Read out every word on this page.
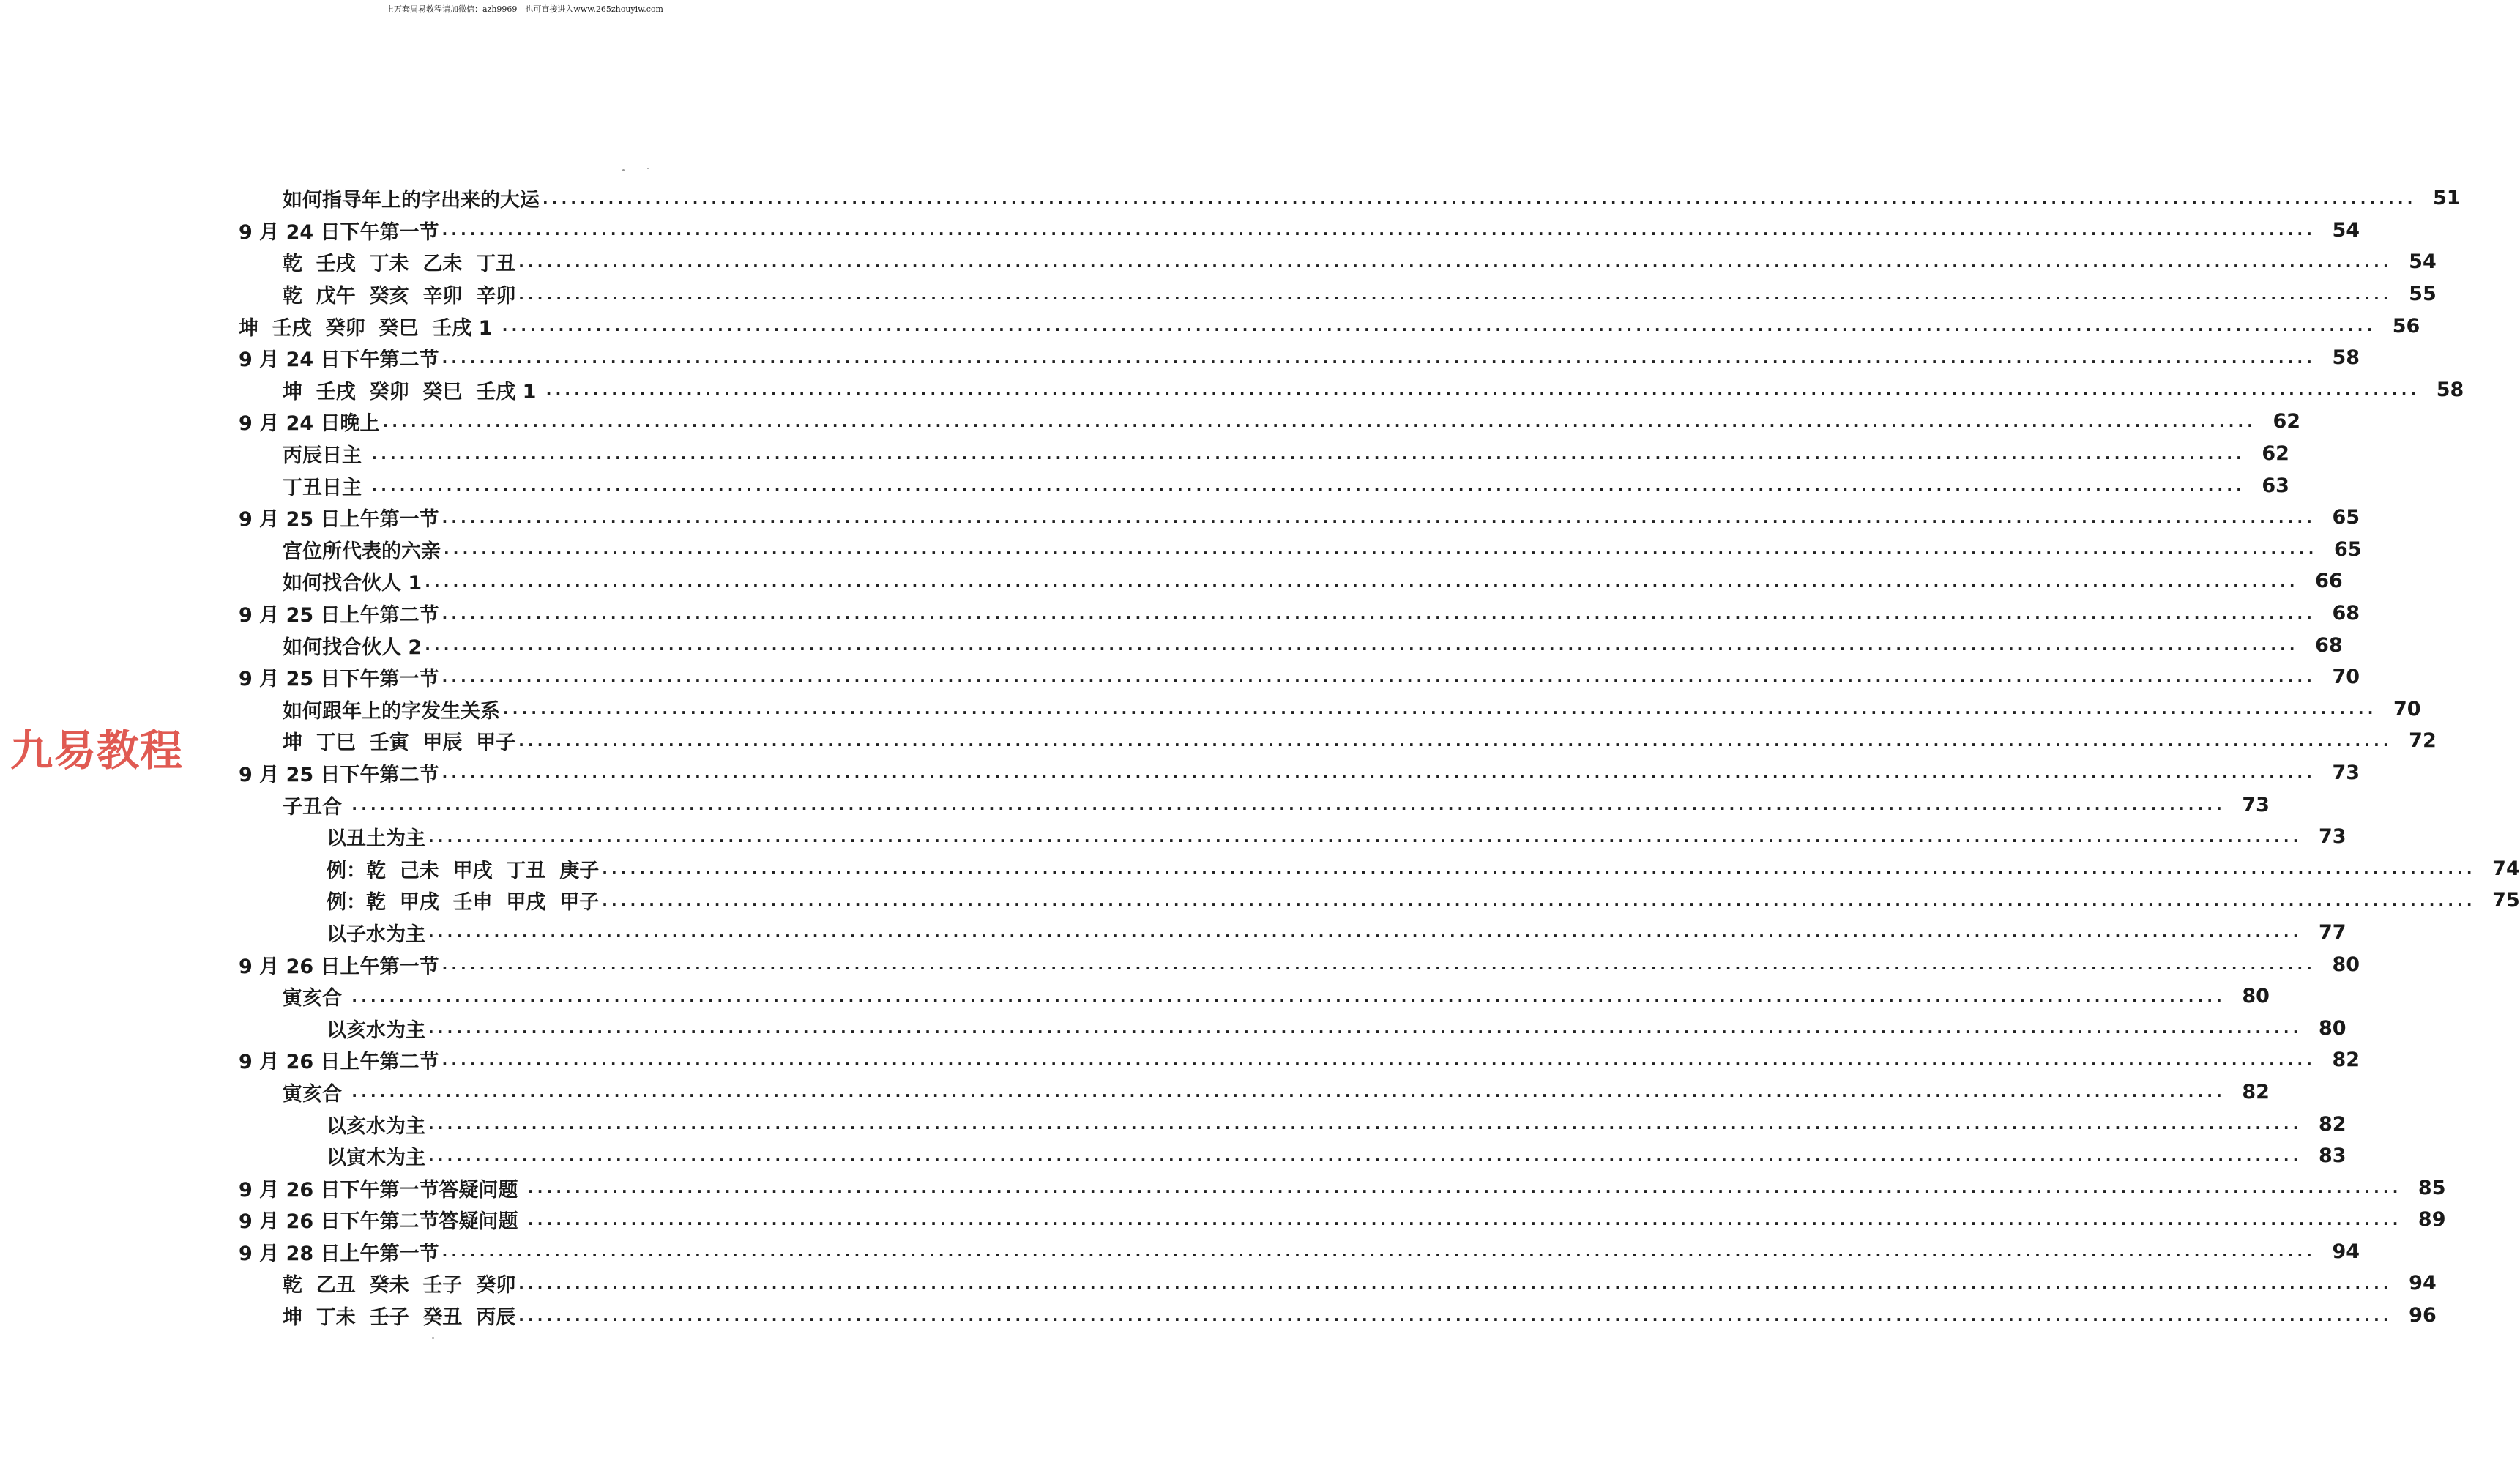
上万套周易教程请加微信：azh9969　也可直接进入www.265zhouyiw.com
九易教程
如何指导年上的字出来的大运 ........................................................................................................................................................................................................ 51
9 月 24 日下午第一节 ........................................................................................................................................................................................................ 54
乾  壬戌  丁未  乙未  丁丑 ........................................................................................................................................................................................................ 54
乾  戊午  癸亥  辛卯  辛卯 ........................................................................................................................................................................................................ 55
坤  壬戌  癸卯  癸巳  壬戌 1 ........................................................................................................................................................................................................ 56
9 月 24 日下午第二节 ........................................................................................................................................................................................................ 58
坤  壬戌  癸卯  癸巳  壬戌 1 ........................................................................................................................................................................................................ 58
9 月 24 日晚上 ........................................................................................................................................................................................................ 62
丙辰日主 ........................................................................................................................................................................................................ 62
丁丑日主 ........................................................................................................................................................................................................ 63
9 月 25 日上午第一节 ........................................................................................................................................................................................................ 65
宫位所代表的六亲 ........................................................................................................................................................................................................ 65
如何找合伙人 1 ........................................................................................................................................................................................................ 66
9 月 25 日上午第二节 ........................................................................................................................................................................................................ 68
如何找合伙人 2 ........................................................................................................................................................................................................ 68
9 月 25 日下午第一节 ........................................................................................................................................................................................................ 70
如何跟年上的字发生关系 ........................................................................................................................................................................................................ 70
坤  丁巳  壬寅  甲辰  甲子 ........................................................................................................................................................................................................ 72
9 月 25 日下午第二节 ........................................................................................................................................................................................................ 73
子丑合 ........................................................................................................................................................................................................ 73
以丑土为主 ........................................................................................................................................................................................................ 73
例：乾  己未  甲戌  丁丑  庚子 ........................................................................................................................................................................................................ 74
例：乾  甲戌  壬申  甲戌  甲子 ........................................................................................................................................................................................................ 75
以子水为主 ........................................................................................................................................................................................................ 77
9 月 26 日上午第一节 ........................................................................................................................................................................................................ 80
寅亥合 ........................................................................................................................................................................................................ 80
以亥水为主 ........................................................................................................................................................................................................ 80
9 月 26 日上午第二节 ........................................................................................................................................................................................................ 82
寅亥合 ........................................................................................................................................................................................................ 82
以亥水为主 ........................................................................................................................................................................................................ 82
以寅木为主 ........................................................................................................................................................................................................ 83
9 月 26 日下午第一节答疑问题 ........................................................................................................................................................................................................ 85
9 月 26 日下午第二节答疑问题 ........................................................................................................................................................................................................ 89
9 月 28 日上午第一节 ........................................................................................................................................................................................................ 94
乾  乙丑  癸未  壬子  癸卯 ........................................................................................................................................................................................................ 94
坤  丁未  壬子  癸丑  丙辰 ........................................................................................................................................................................................................ 96
